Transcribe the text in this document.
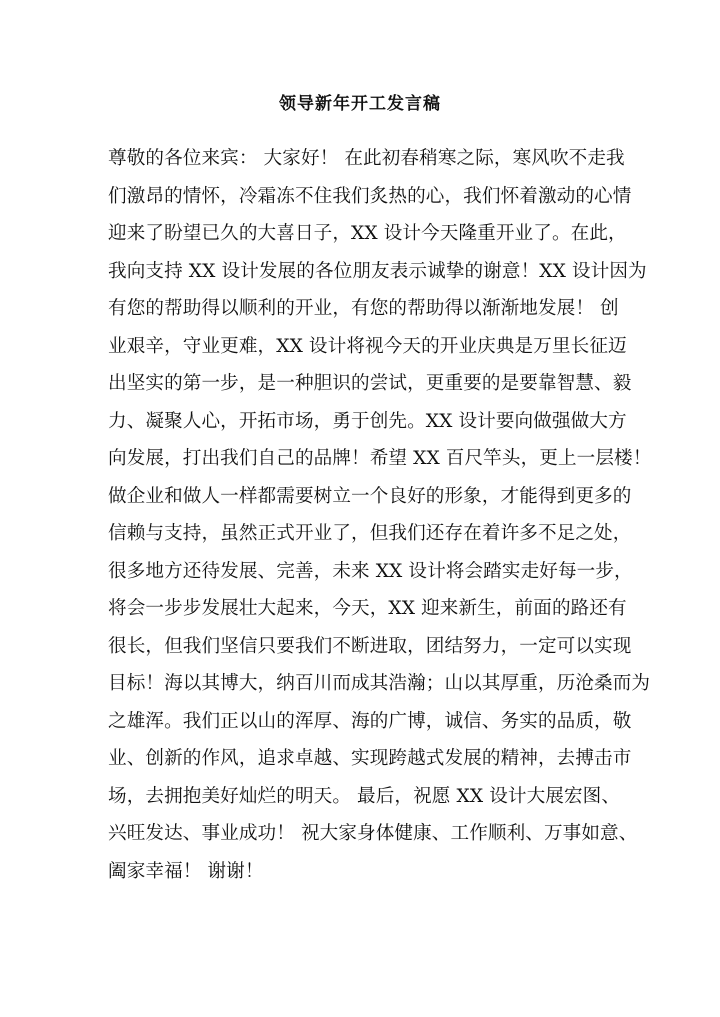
领导新年开工发言稿
尊敬的各位来宾： 大家好！ 在此初春稍寒之际，寒风吹不走我
们激昂的情怀，冷霜冻不住我们炙热的心，我们怀着激动的心情
迎来了盼望已久的大喜日子，XX 设计今天隆重开业了。在此，
我向支持 XX 设计发展的各位朋友表示诚挚的谢意！XX 设计因为
有您的帮助得以顺利的开业，有您的帮助得以渐渐地发展！ 创
业艰辛，守业更难，XX 设计将视今天的开业庆典是万里长征迈
出坚实的第一步，是一种胆识的尝试，更重要的是要靠智慧、毅
力、凝聚人心，开拓市场，勇于创先。XX 设计要向做强做大方
向发展，打出我们自己的品牌！希望 XX 百尺竿头，更上一层楼！
做企业和做人一样都需要树立一个良好的形象，才能得到更多的
信赖与支持，虽然正式开业了，但我们还存在着许多不足之处，
很多地方还待发展、完善，未来 XX 设计将会踏实走好每一步，
将会一步步发展壮大起来，今天，XX 迎来新生，前面的路还有
很长，但我们坚信只要我们不断进取，团结努力，一定可以实现
目标！海以其博大，纳百川而成其浩瀚；山以其厚重，历沧桑而为
之雄浑。我们正以山的浑厚、海的广博，诚信、务实的品质，敬
业、创新的作风，追求卓越、实现跨越式发展的精神，去搏击市
场，去拥抱美好灿烂的明天。 最后，祝愿 XX 设计大展宏图、
兴旺发达、事业成功！ 祝大家身体健康、工作顺利、万事如意、
阖家幸福！ 谢谢！
